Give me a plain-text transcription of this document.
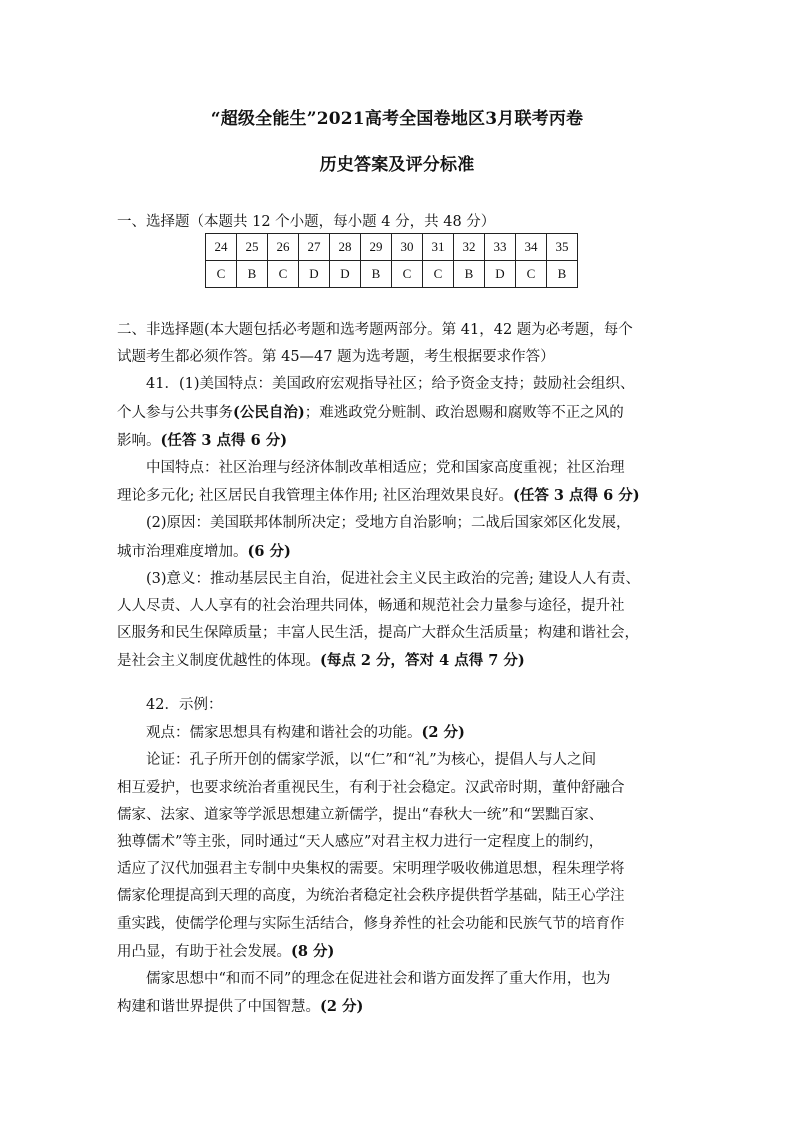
“超级全能生”2021高考全国卷地区3月联考丙卷
历史答案及评分标准
一、选择题（本题共 12 个小题，每小题 4 分，共 48 分）
24	25	26	27	28	29	30	31	32	33	34	35
C	B	C	D	D	B	C	C	B	D	C	B

二、非选择题(本大题包括必考题和选考题两部分。第 41，42 题为必考题，每个

试题考生都必须作答。第 45—47 题为选考题，考生根据要求作答）

41．(1)美国特点：美国政府宏观指导社区；给予资金支持；鼓励社会组织、

个人参与公共事务(公民自治)；难逃政党分赃制、政治恩赐和腐败等不正之风的

影响。(任答 3 点得 6 分)

中国特点：社区治理与经济体制改革相适应；党和国家高度重视；社区治理

理论多元化; 社区居民自我管理主体作用; 社区治理效果良好。(任答 3 点得 6 分)

(2)原因：美国联邦体制所决定；受地方自治影响；二战后国家郊区化发展，

城市治理难度增加。(6 分)

(3)意义：推动基层民主自治，促进社会主义民主政治的完善; 建设人人有责、

人人尽责、人人享有的社会治理共同体，畅通和规范社会力量参与途径，提升社

区服务和民生保障质量；丰富人民生活，提高广大群众生活质量；构建和谐社会，

是社会主义制度优越性的体现。(每点 2 分，答对 4 点得 7 分)

42．示例：

观点：儒家思想具有构建和谐社会的功能。(2 分)

论证：孔子所开创的儒家学派，以“仁”和“礼”为核心，提倡人与人之间

相互爱护，也要求统治者重视民生，有利于社会稳定。汉武帝时期，董仲舒融合

儒家、法家、道家等学派思想建立新儒学，提出“春秋大一统”和“罢黜百家、

独尊儒术”等主张，同时通过“天人感应”对君主权力进行一定程度上的制约，

适应了汉代加强君主专制中央集权的需要。宋明理学吸收佛道思想，程朱理学将

儒家伦理提高到天理的高度，为统治者稳定社会秩序提供哲学基础，陆王心学注

重实践，使儒学伦理与实际生活结合，修身养性的社会功能和民族气节的培育作

用凸显，有助于社会发展。(8 分)

儒家思想中“和而不同”的理念在促进社会和谐方面发挥了重大作用，也为

构建和谐世界提供了中国智慧。(2 分)
